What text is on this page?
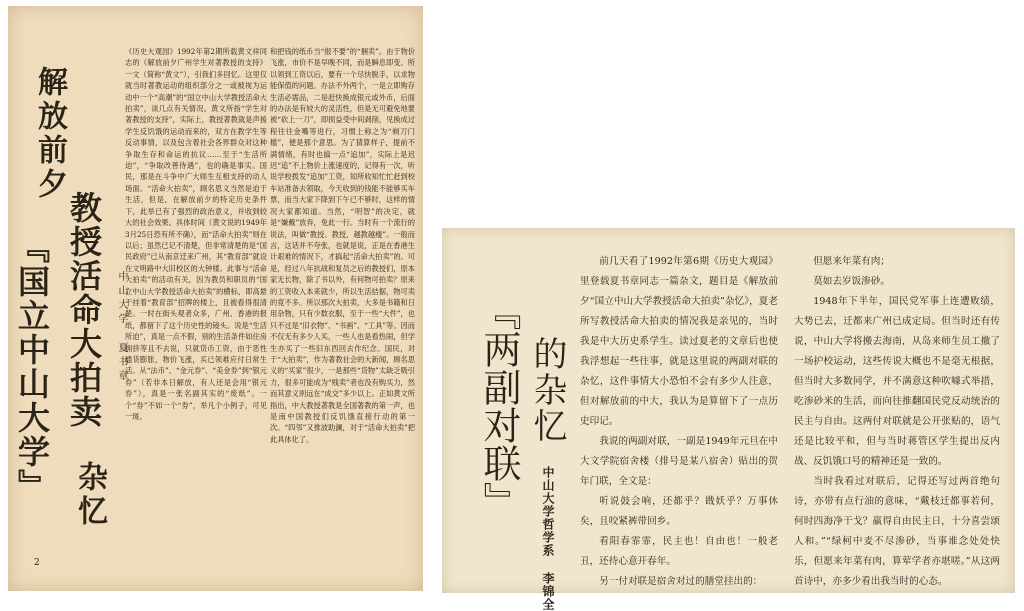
解放前夕
教授活命大拍卖
『国立中山大学』	中山大学 夏书章
杂忆
《历史大观园》1992年第2期所载黄文祥同志的《解放前夕广州学生对著教授的支持》一文（简称“黄文”），引我们多回忆。这里仅就当时著教运动的组织部分之一或被视为运动中一个“高潮”的“国立中山大学教授活命大拍卖”，谈几点有关情况。黄文所指“学生对著教授的支持”，实际上，教授著教就是声援学生反饥饿的运动而来的，双方在教学生等反动事情，以及包含着社会各界群众对这种争取生存和命运的抗议……至于“生活所迫”，“争取改善待遇”，也的确是事实。国民，那是在斗争中广大师生互相支持的动人场面。“活命大拍卖”，顾名思义当然是迫于生活，但是，在解放前夕的特定历史条件下，此举已有了强烈的政治意义，并收到较大的社会效果。具体时间（黄文说的1949年3月25日恐有所不确），而“活命大拍卖”则在以后；虽然已记不清楚，但非常清楚的是“国民政府”已从南京迁来广州，其“教育部”就设在文明路中大旧校区的大钟楼。此事与“活命大拍卖”的活动有关，因为教员和职员的“国立中山大学教授活命大拍卖”的横标，即高悬于挂着“教育部”招牌的楼上，且被看得很清楚。一时在街头观者众多，广州、香港的报纸，都留下了这个历史性的镜头。说是“生活所迫”，真是一点不假，别的生活条件如住房拥挤等且不去说，只就货币工资，由于恶性通货膨胀，物价飞涨，买已领难应付日常生活。从“法币”、“金元券”、“美金券”到“银元券”（若非本日解放，有人还是会用“银元券”），真是一张名副其实的“废纸”。一个“券”不如一个“券”，举凡个小例子，可见一斑。
和把钱的纸币当“报不要”的“捆卖”。由于物价飞涨，市价不是早晚不同，而是瞬息即变。所以领到工资以后，要有一个尽快脱手，以求物能保值的问题。办法不外两个，一是立即购存生活必需品，二是赶快换成银元或外币，后面的办法是有较大的灵活性，但是无可避免地要被“砍上一刀”，即损益受中间剥削，见换成过程往往金嘴等进行，习惯上称之为“剃刀门槛”，便是那个意思。为了猜算样子，提前不满情绪，有时也搞一点“追加”，实际上是迟迟“追”不上物价上涨速度的，记得有一次，听说学校拨发“追加”工资，知所收知忙忙赶到校车站准备去领取，今天收到的钱能不能够买车票，而当大家下降到下午已不够时，这样的情况大家都知道。当然，“明智”的决定，就是“嫌戴”放弃，免此一行。当时有一个流行的说法，叫做“教授、教授，越教越瘦”。一般而言，这话并不夸张，也就是说，正是在香港生计艰难的情况下，才搞起“活命大拍卖”的。可是，经过八年抗战和复员之后的教授们，原本家无长物，除了书以外，有何物可拍卖？原来的工资收入本来就少，所以生活拮据，物可卖的竟不多。所以那次大拍卖，大多是书籍和日用杂物，只有少数衣服，至于一些“大件”，也只不过是“旧衣物”、“书画”、“工具”等。因而不仅无有多少人买，一些人也是看热闹，但学生亦买了一些旧东西回去作纪念。国民，对于“大拍卖”，作为著教社会的大新闻，顾名思义的“买家”很少，一是那些“货物”太缺乏吸引力，很多可能成为“贱卖”者也没有购买力，然而其意义则远在“成交”多少以上。正如黄文所指出，中大教授著教是全国著教的第一声，也是南中国教授们反饥饿直接行动的第一次。“四邻”又推波助澜，对于“活命大拍卖”把此具体化了。
2
『两副对联』 的杂忆
中山大学哲学系 李锦全

前几天看了1992年第6期《历史大观园》里登载夏书章同志一篇杂文，题目是《解放前夕“国立中山大学教授活命大拍卖”杂忆》，夏老所写教授活命大拍卖的情况我是亲见的，当时我是中大历史系学生。读过夏老的文章后也使我浮想起一些往事，就是这里说的两副对联的杂忆，这件事情大小恐怕不会有多少人注意，但对解放前的中大，我认为是算留下了一点历史印记。

我说的两副对联，一副是1949年元旦在中大文学院宿舍楼（排号是某八宿舍）贴出的贺年门联，全文是：

听说鼓会响，还都乎？戡妖乎？万事休矣，且咬紧裤带回乡。

看阳春霏霏，民主也！自由也！一般老丑，还待心意开春年。

另一付对联是宿舍对过的膳堂挂出的：

但愿来年菜有肉；

莫如去岁饭渗砂。

1948年下半年，国民党军事上连遭败绩，大势已去，迁都来广州已成定局。但当时还有传说，中山大学将搬去海南，从岛来师生员工撤了一场护校运动，这些传说大概也不是毫无根据，但当时大多数同学，并不满意这种吹噱式举措，吃渗砂米的生活，而向往推翻国民党反动统治的民主与自由。这两付对联就是公开张贴的，语气还是比较平和，但与当时蒋管区学生提出反内战、反饥饿口号的精神还是一致的。

当时我看过对联后，记得还写过两首绝句诗，亦带有点行油的意味，“戴枝迁都事若何，何时四海净干戈？羸得自由民主日，十分喜尝颂人和。”“绿柯中麦不尽渗砂，当事谁念处处快乐，但愿来年菜有肉，算荤学者亦堪嗟。”从这两首诗中，亦多少看出我当时的心态。
